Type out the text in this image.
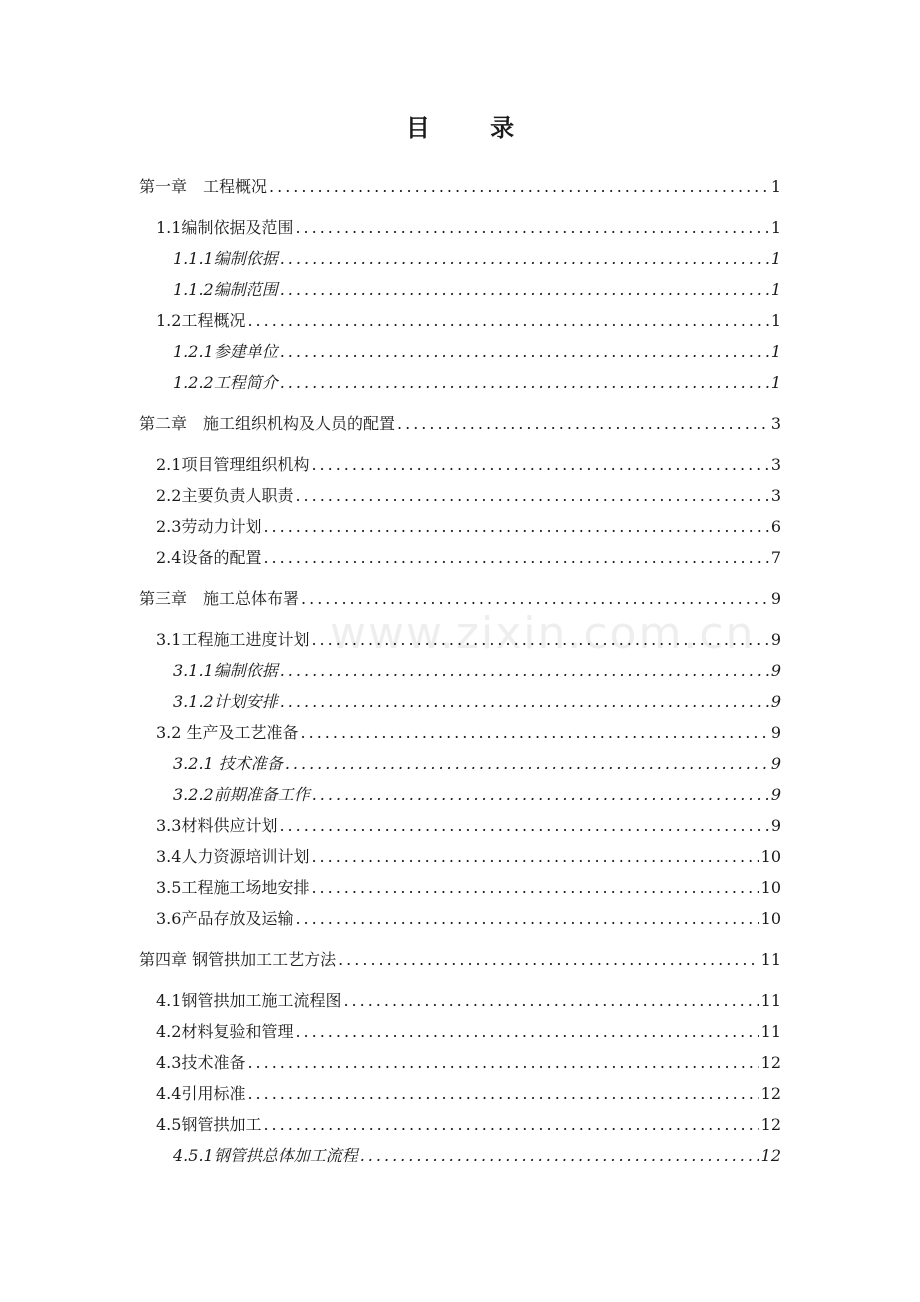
目 录
www.zixin.com.cn
第一章　工程概况 .....	1
1.1编制依据及范围 .....	1
1.1.1编制依据 .....	1
1.1.2编制范围 .....	1
1.2工程概况 .....	1
1.2.1参建单位 .....	1
1.2.2工程简介 .....	1
第二章　施工组织机构及人员的配置 .....	3
2.1项目管理组织机构 .....	3
2.2主要负责人职责 .....	3
2.3劳动力计划 .....	6
2.4设备的配置 .....	7
第三章　施工总体布署 .....	9
3.1工程施工进度计划 .....	9
3.1.1编制依据 .....	9
3.1.2计划安排 .....	9
3.2 生产及工艺准备 .....	9
3.2.1 技术准备 .....	9
3.2.2前期准备工作 .....	9
3.3材料供应计划 .....	9
3.4人力资源培训计划 .....	10
3.5工程施工场地安排 .....	10
3.6产品存放及运输 .....	10
第四章 钢管拱加工工艺方法 .....	11
4.1钢管拱加工施工流程图 .....	11
4.2材料复验和管理 .....	11
4.3技术准备 .....	12
4.4引用标准 .....	12
4.5钢管拱加工 .....	12
4.5.1钢管拱总体加工流程 .....	12
